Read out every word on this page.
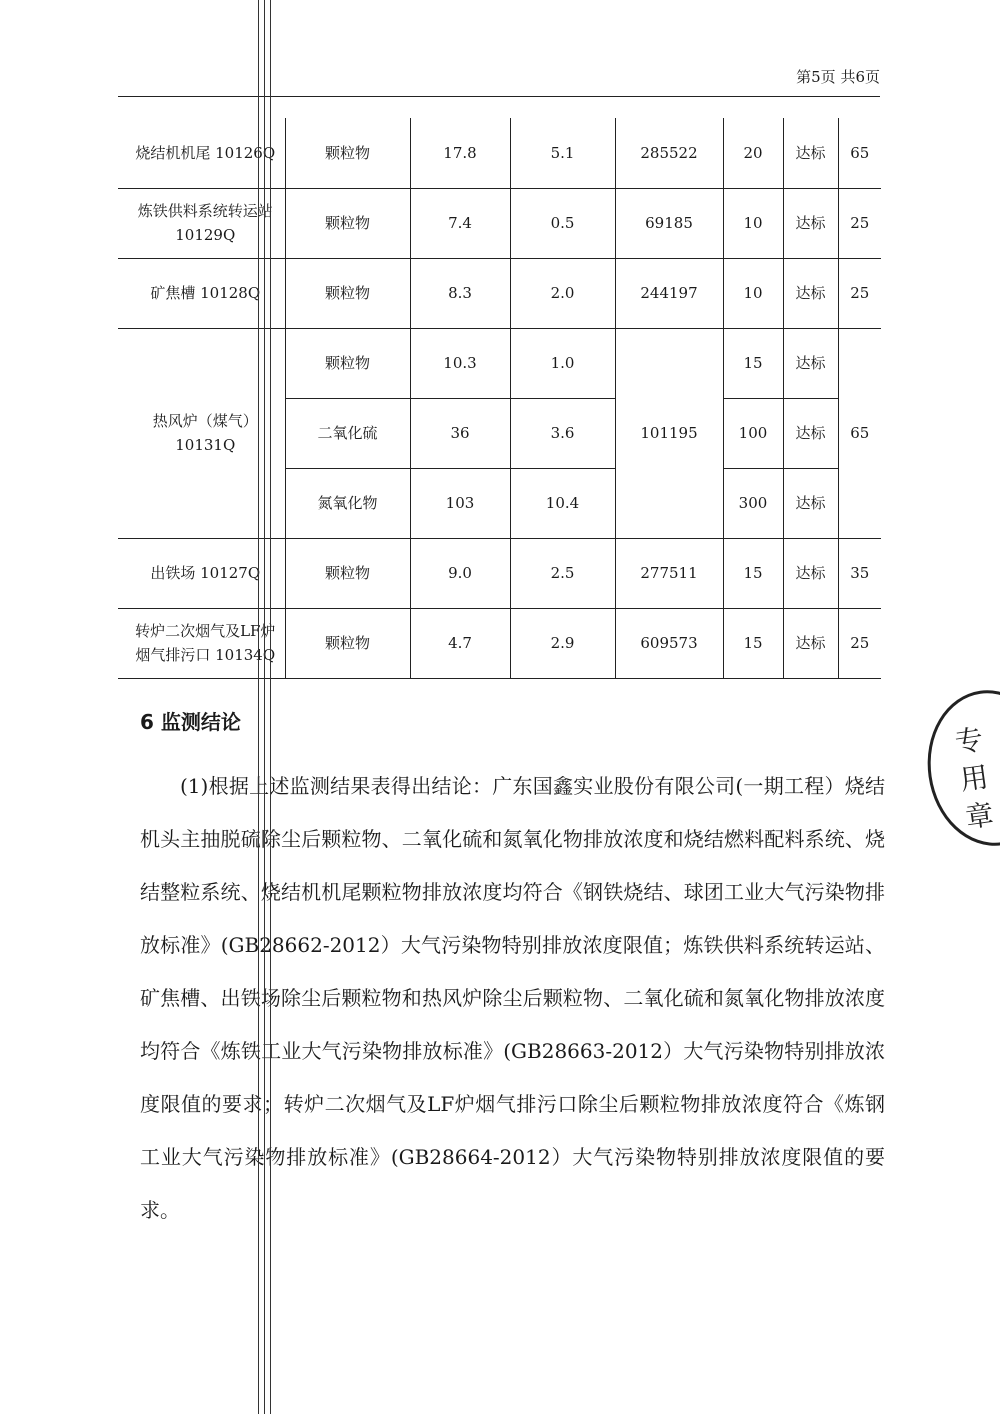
第5页 共6页
烧结机机尾 10126Q	颗粒物	17.8	5.1	285522	20	达标	65
炼铁供料系统转运站 10129Q	颗粒物	7.4	0.5	69185	10	达标	25
矿焦槽 10128Q	颗粒物	8.3	2.0	244197	10	达标	25
热风炉（煤气）10131Q	颗粒物	10.3	1.0	101195	15	达标	65
	二氧化硫	36	3.6		100	达标	
	氮氧化物	103	10.4		300	达标	
出铁场 10127Q	颗粒物	9.0	2.5	277511	15	达标	35
转炉二次烟气及LF炉烟气排污口 10134Q	颗粒物	4.7	2.9	609573	15	达标	25
6 监测结论

(1)根据上述监测结果表得出结论：广东国鑫实业股份有限公司(一期工程）烧结机头主抽脱硫除尘后颗粒物、二氧化硫和氮氧化物排放浓度和烧结燃料配料系统、烧结整粒系统、烧结机机尾颗粒物排放浓度均符合《钢铁烧结、球团工业大气污染物排放标准》(GB28662-2012）大气污染物特别排放浓度限值；炼铁供料系统转运站、矿焦槽、出铁场除尘后颗粒物和热风炉除尘后颗粒物、二氧化硫和氮氧化物排放浓度均符合《炼铁工业大气污染物排放标准》(GB28663-2012）大气污染物特别排放浓度限值的要求；转炉二次烟气及LF炉烟气排污口除尘后颗粒物排放浓度符合《炼钢工业大气污染物排放标准》(GB28664-2012）大气污染物特别排放浓度限值的要求。

专用章
